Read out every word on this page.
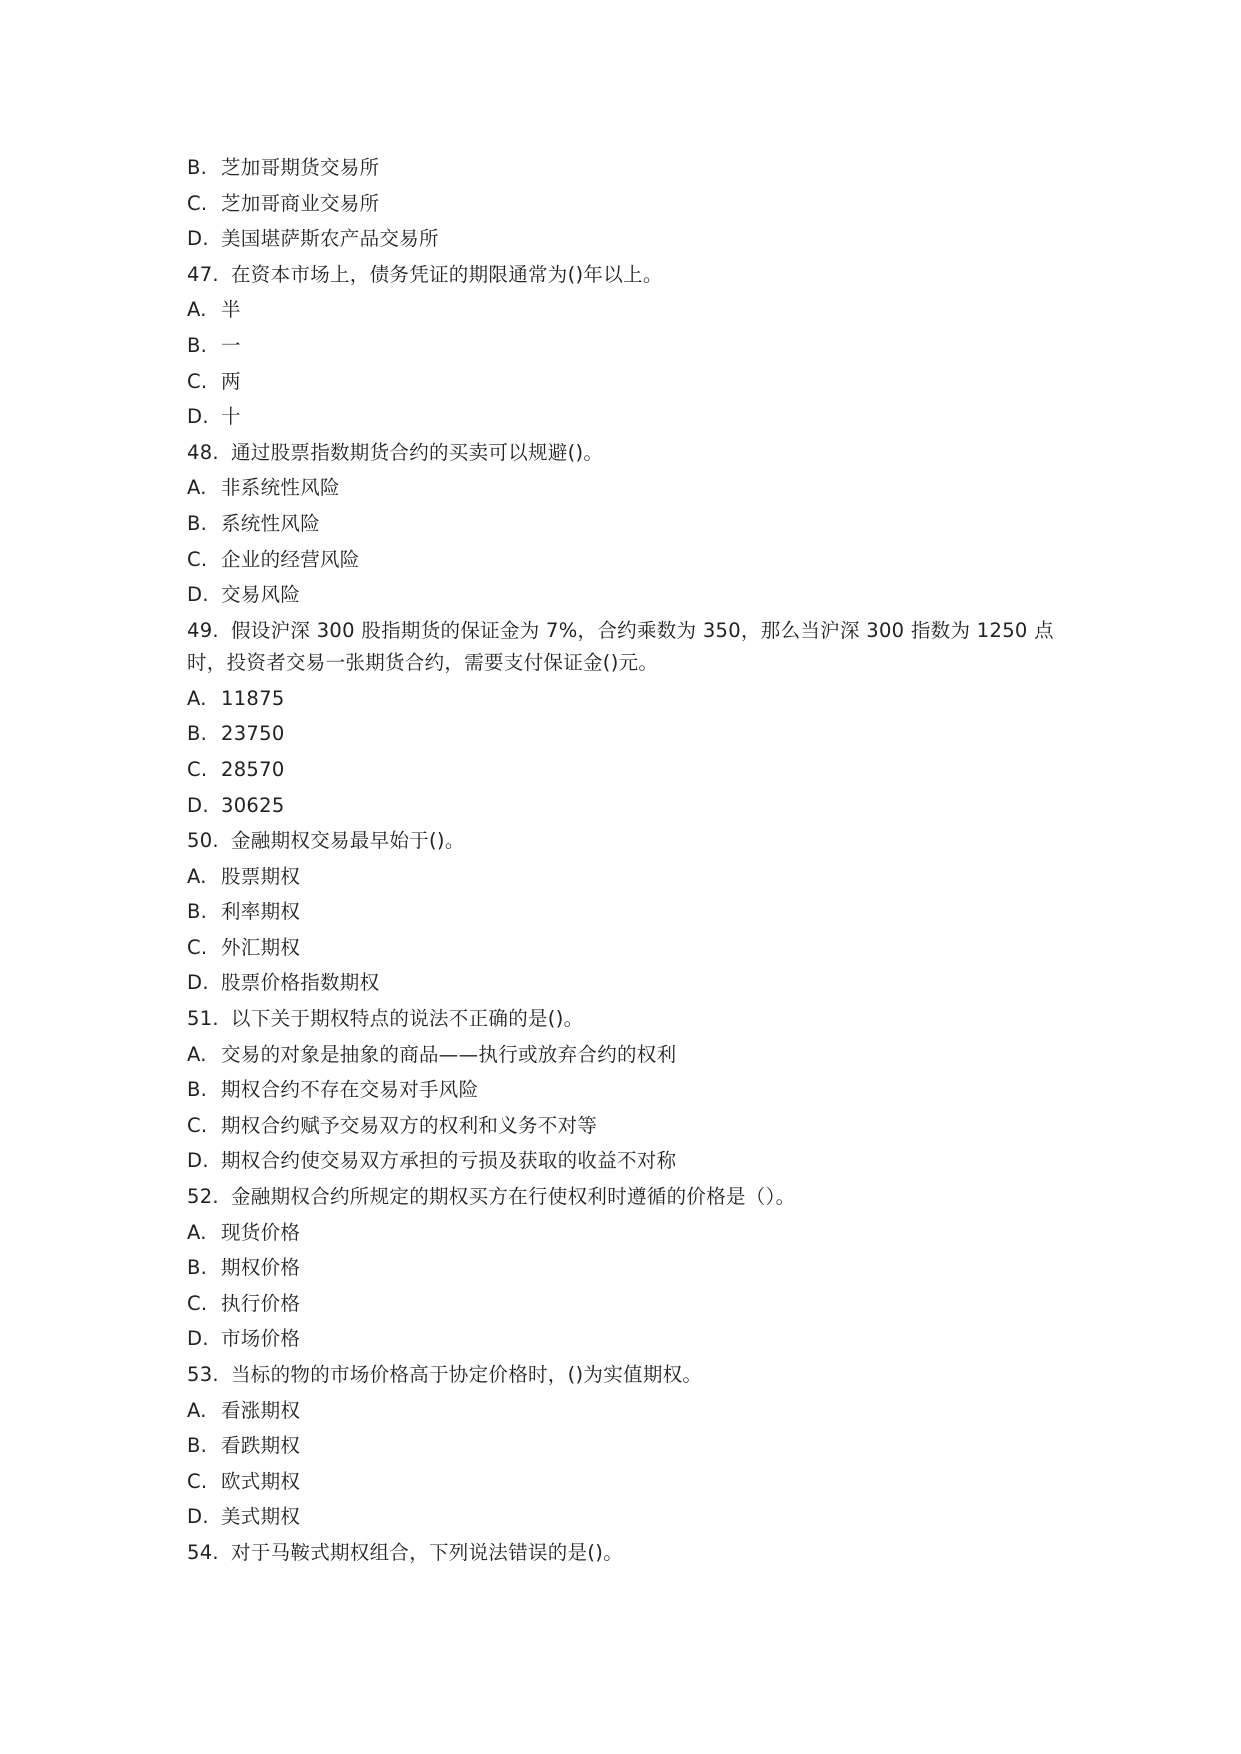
B. 芝加哥期货交易所
C. 芝加哥商业交易所
D. 美国堪萨斯农产品交易所
47. 在资本市场上，债务凭证的期限通常为()年以上。
A. 半
B. 一
C. 两
D. 十
48. 通过股票指数期货合约的买卖可以规避()。
A. 非系统性风险
B. 系统性风险
C. 企业的经营风险
D. 交易风险
49. 假设沪深 300 股指期货的保证金为 7%，合约乘数为 350，那么当沪深 300 指数为 1250 点时，投资者交易一张期货合约，需要支付保证金()元。
A. 11875
B. 23750
C. 28570
D. 30625
50. 金融期权交易最早始于()。
A. 股票期权
B. 利率期权
C. 外汇期权
D. 股票价格指数期权
51. 以下关于期权特点的说法不正确的是()。
A. 交易的对象是抽象的商品——执行或放弃合约的权利
B. 期权合约不存在交易对手风险
C. 期权合约赋予交易双方的权利和义务不对等
D. 期权合约使交易双方承担的亏损及获取的收益不对称
52. 金融期权合约所规定的期权买方在行使权利时遵循的价格是（）。
A. 现货价格
B. 期权价格
C. 执行价格
D. 市场价格
53. 当标的物的市场价格高于协定价格时，()为实值期权。
A. 看涨期权
B. 看跌期权
C. 欧式期权
D. 美式期权
54. 对于马鞍式期权组合，下列说法错误的是()。
